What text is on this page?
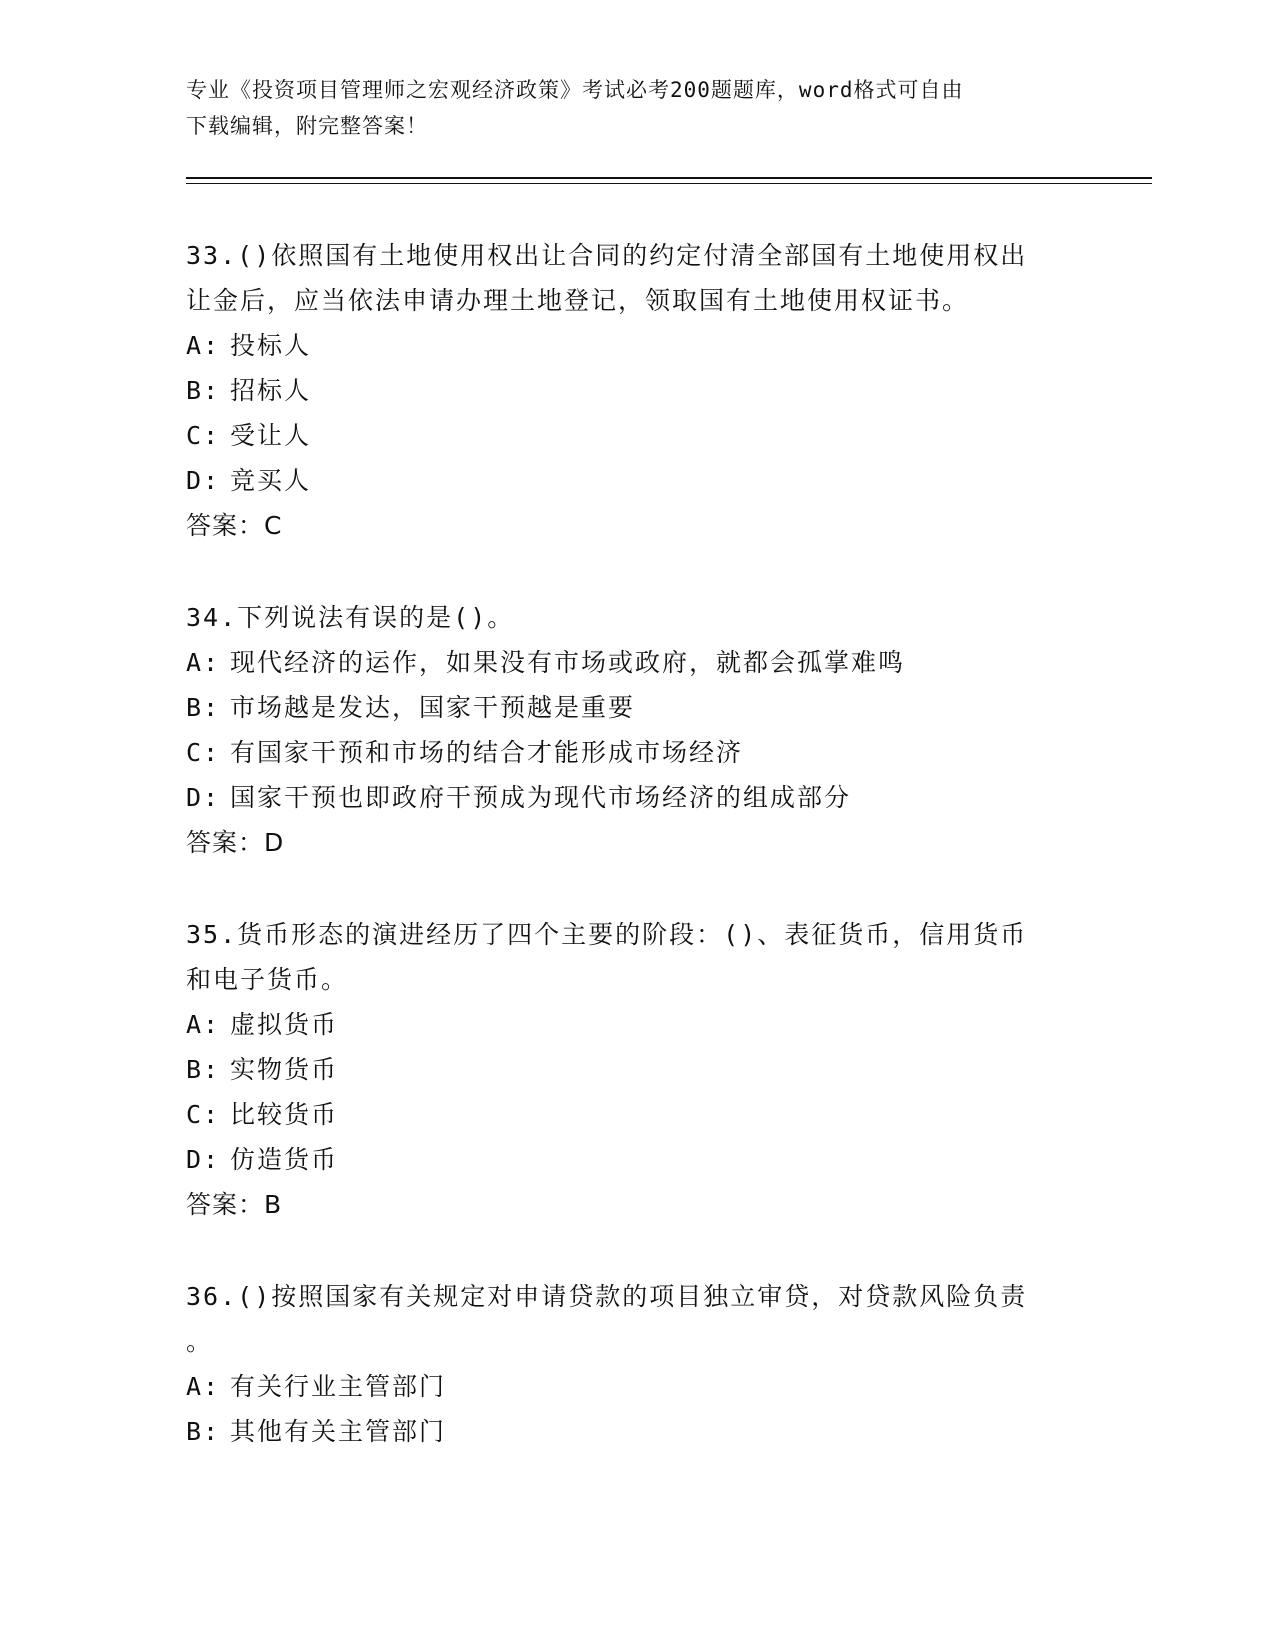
专业《投资项目管理师之宏观经济政策》考试必考200题题库，word格式可自由
下载编辑，附完整答案！

33.()依照国有土地使用权出让合同的约定付清全部国有土地使用权出

让金后，应当依法申请办理土地登记，领取国有土地使用权证书。

A: 投标人

B: 招标人

C: 受让人

D: 竞买人

答案：C

34.下列说法有误的是()。

A: 现代经济的运作，如果没有市场或政府，就都会孤掌难鸣

B: 市场越是发达，国家干预越是重要

C: 有国家干预和市场的结合才能形成市场经济

D: 国家干预也即政府干预成为现代市场经济的组成部分

答案：D

35.货币形态的演进经历了四个主要的阶段：()、表征货币，信用货币

和电子货币。

A: 虚拟货币

B: 实物货币

C: 比较货币

D: 仿造货币

答案：B

36.()按照国家有关规定对申请贷款的项目独立审贷，对贷款风险负责

。

A: 有关行业主管部门

B: 其他有关主管部门
